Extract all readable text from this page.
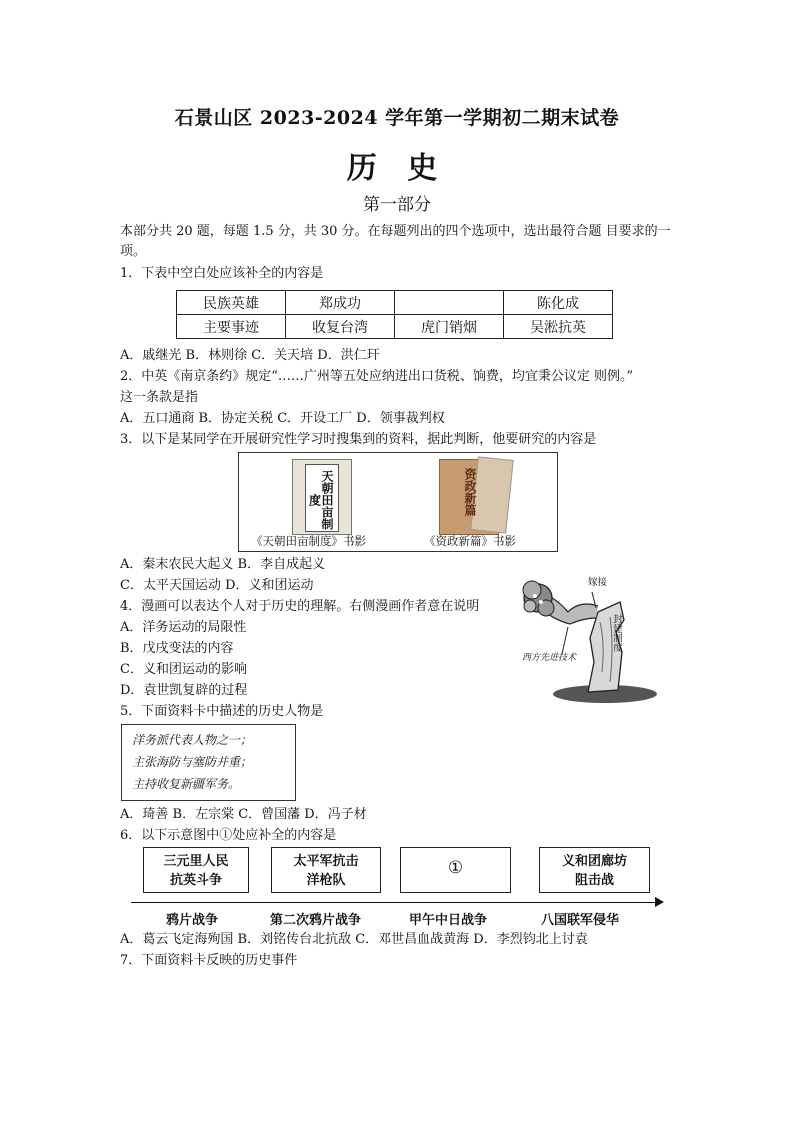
石景山区 2023-2024 学年第一学期初二期末试卷
历 史
第一部分
本部分共 20 题，每题 1.5 分，共 30 分。在每题列出的四个选项中，选出最符合题 目要求的一项。
1．下表中空白处应该补全的内容是
民族英雄	郑成功		陈化成
主要事迹	收复台湾	虎门销烟	吴淞抗英
A．戚继光 B．林则徐 C．关天培 D．洪仁玕
2．中英《南京条约》规定“……广州等五处应纳进出口货税、饷费，均宜秉公议定 则例。”
这一条款是指
A．五口通商 B．协定关税 C．开设工厂 D．领事裁判权
3．以下是某同学在开展研究性学习时搜集到的资料，据此判断，他要研究的内容是
天朝田亩制度
《天朝田亩制度》书影
资政新篇
《资政新篇》书影
A．秦末农民大起义 B．李自成起义
C．太平天国运动 D．义和团运动
4．漫画可以表达个人对于历史的理解。右侧漫画作者意在说明
A．洋务运动的局限性
B．戊戌变法的内容
C．义和团运动的影响
D．袁世凯复辟的过程
嫁接
封建制度
西方先进技术
5．下面资料卡中描述的历史人物是
洋务派代表人物之一；
主张海防与塞防并重；
主持收复新疆军务。
A．琦善 B．左宗棠 C．曾国藩 D．冯子材
6．以下示意图中①处应补全的内容是
三元里人民
抗英斗争
太平军抗击
洋枪队
①	义和团廊坊
阻击战
鸦片战争	第二次鸦片战争	甲午中日战争	八国联军侵华
A．葛云飞定海殉国 B．刘铭传台北抗敌 C．邓世昌血战黄海 D．李烈钧北上讨袁
7．下面资料卡反映的历史事件
